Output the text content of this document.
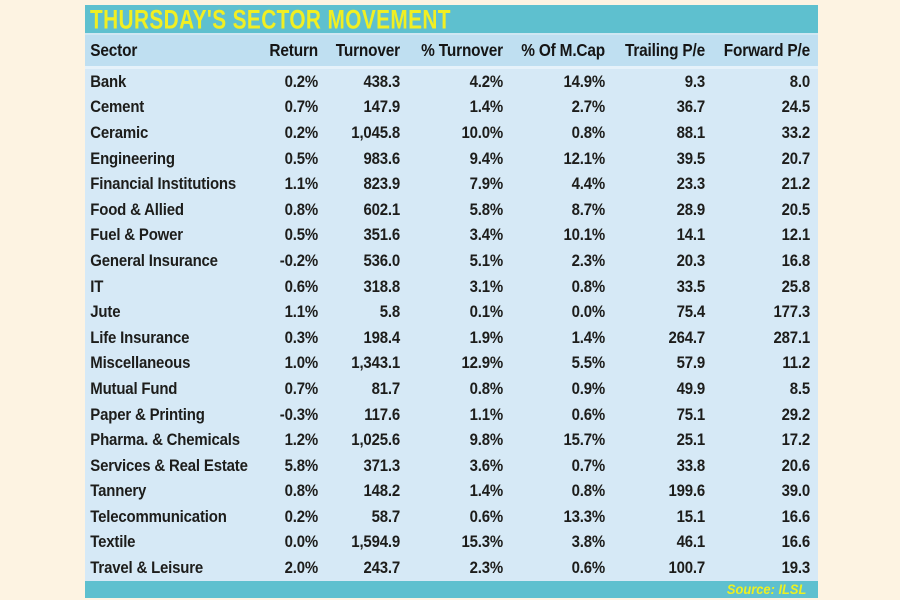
THURSDAY'S SECTOR MOVEMENT
Sector	Return	Turnover	% Turnover	% Of M.Cap	Trailing P/e	Forward P/e
Bank	0.2%	438.3	4.2%	14.9%	9.3	8.0
Cement	0.7%	147.9	1.4%	2.7%	36.7	24.5
Ceramic	0.2%	1,045.8	10.0%	0.8%	88.1	33.2
Engineering	0.5%	983.6	9.4%	12.1%	39.5	20.7
Financial Institutions	1.1%	823.9	7.9%	4.4%	23.3	21.2
Food & Allied	0.8%	602.1	5.8%	8.7%	28.9	20.5
Fuel & Power	0.5%	351.6	3.4%	10.1%	14.1	12.1
General Insurance	-0.2%	536.0	5.1%	2.3%	20.3	16.8
IT	0.6%	318.8	3.1%	0.8%	33.5	25.8
Jute	1.1%	5.8	0.1%	0.0%	75.4	177.3
Life Insurance	0.3%	198.4	1.9%	1.4%	264.7	287.1
Miscellaneous	1.0%	1,343.1	12.9%	5.5%	57.9	11.2
Mutual Fund	0.7%	81.7	0.8%	0.9%	49.9	8.5
Paper & Printing	-0.3%	117.6	1.1%	0.6%	75.1	29.2
Pharma. & Chemicals	1.2%	1,025.6	9.8%	15.7%	25.1	17.2
Services & Real Estate	5.8%	371.3	3.6%	0.7%	33.8	20.6
Tannery	0.8%	148.2	1.4%	0.8%	199.6	39.0
Telecommunication	0.2%	58.7	0.6%	13.3%	15.1	16.6
Textile	0.0%	1,594.9	15.3%	3.8%	46.1	16.6
Travel & Leisure	2.0%	243.7	2.3%	0.6%	100.7	19.3
Source: ILSL
